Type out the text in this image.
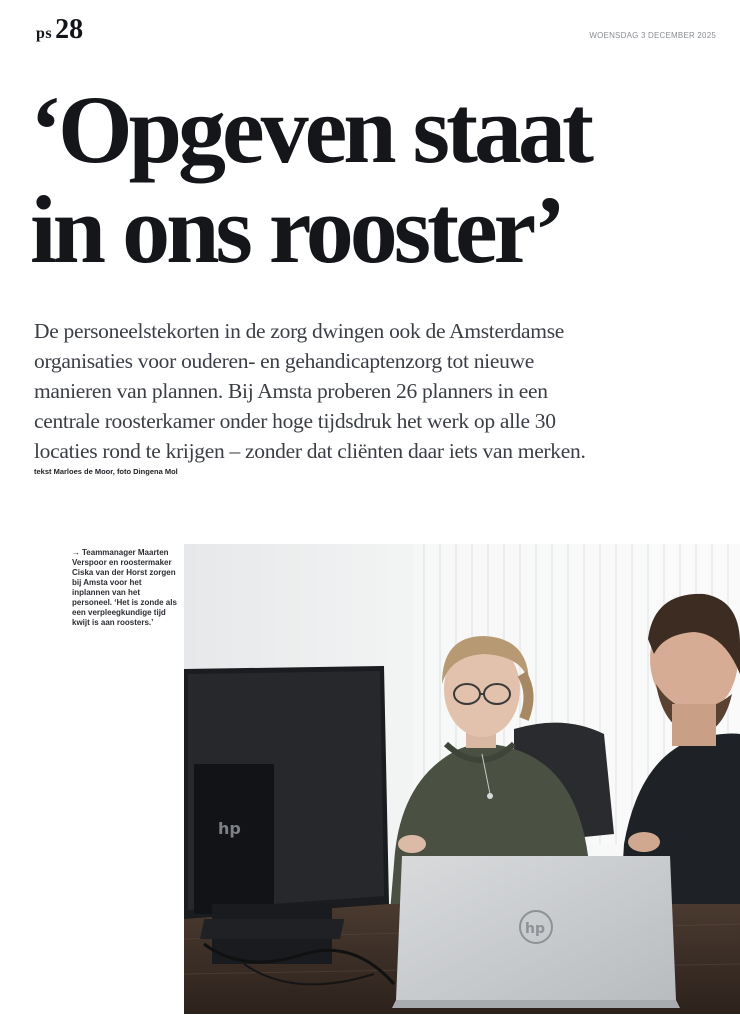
ps 28	WOENSDAG 3 DECEMBER 2025
‘Opgeven staat
in ons rooster’

De personeelstekorten in de zorg dwingen ook de Amsterdamse
organisaties voor ouderen- en gehandicaptenzorg tot nieuwe
manieren van plannen. Bij Amsta proberen 26 planners in een
centrale roosterkamer onder hoge tijdsdruk het werk op alle 30
locaties rond te krijgen – zonder dat cliënten daar iets van merken.

tekst Marloes de Moor, foto Dingena Mol

→ Teammanager Maarten Verspoor en roostermaker Ciska van der Horst zorgen bij Amsta voor het inplannen van het personeel. ‘Het is zonde als een verpleegkundige tijd kwijt is aan roosters.’

hp
hp
